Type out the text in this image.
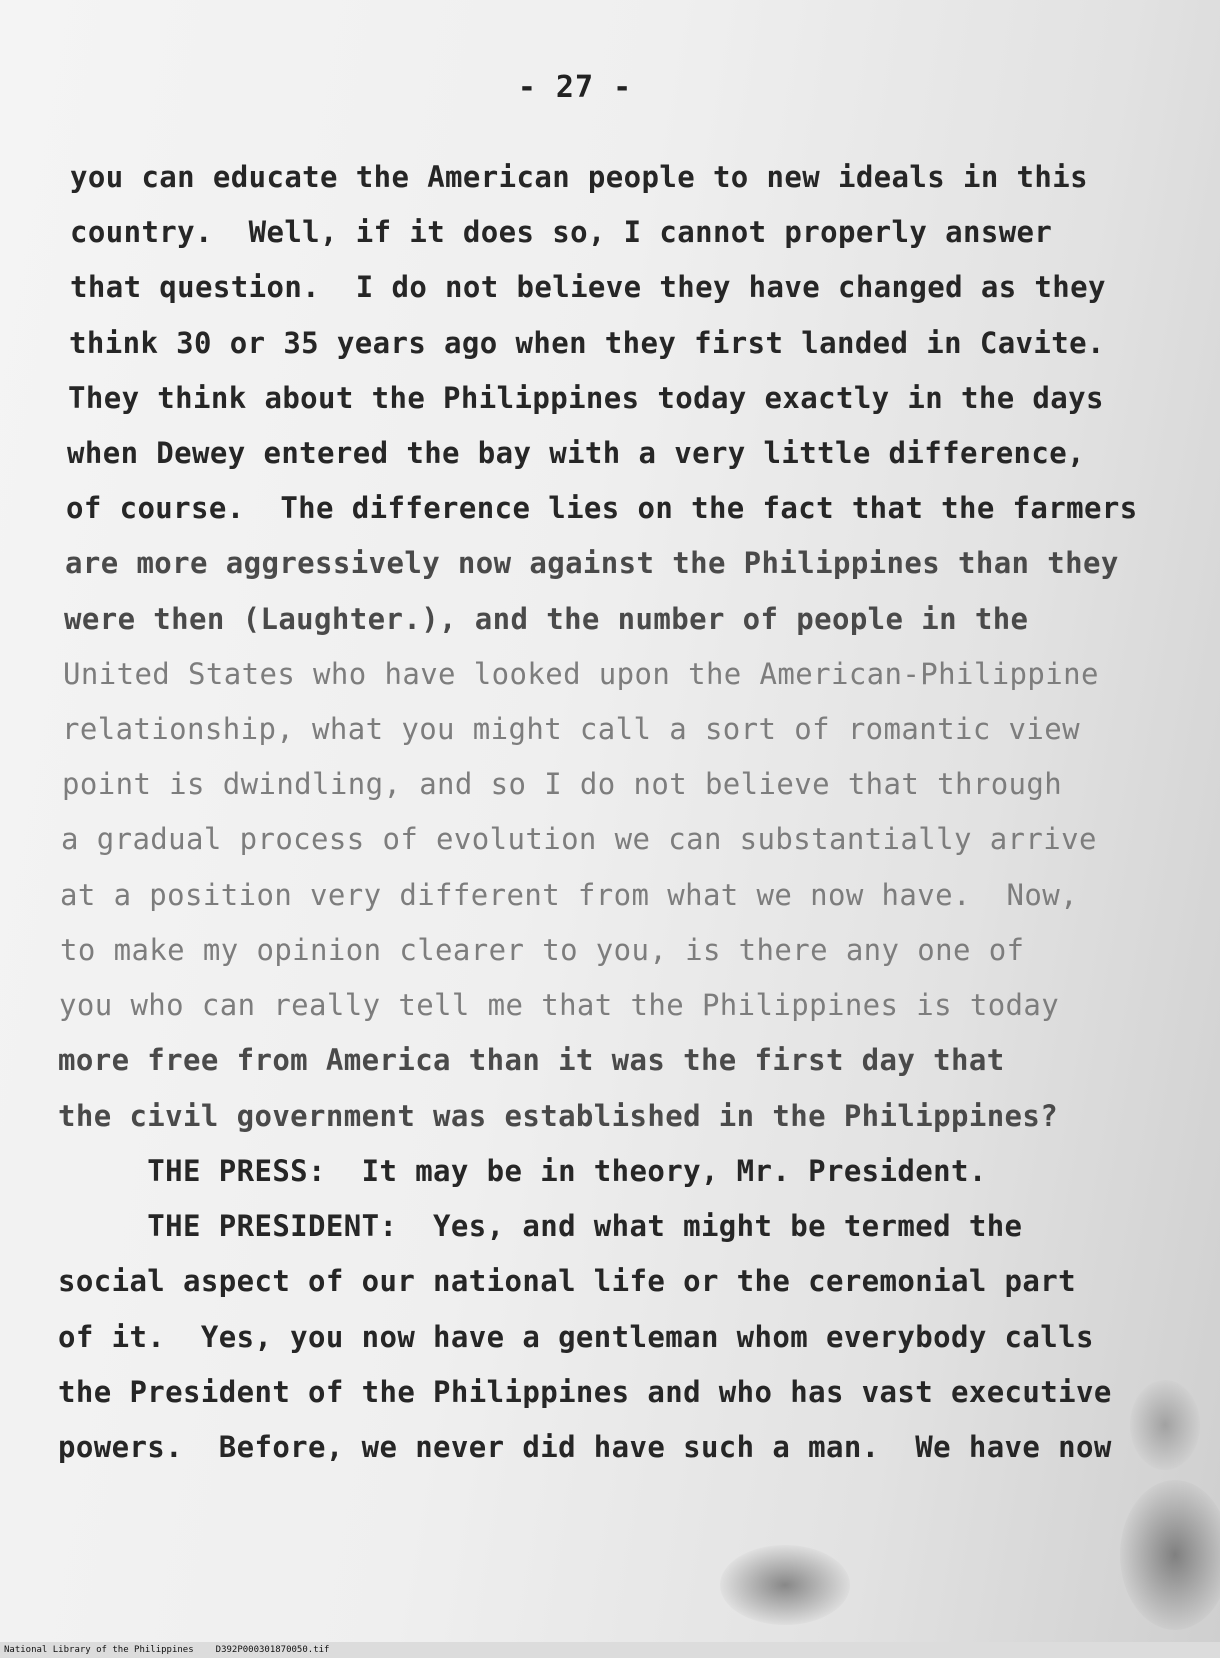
- 27 -
you can educate the American people to new ideals in this
country.  Well, if it does so, I cannot properly answer
that question.  I do not believe they have changed as they
think 30 or 35 years ago when they first landed in Cavite.
They think about the Philippines today exactly in the days
when Dewey entered the bay with a very little difference,
of course.  The difference lies on the fact that the farmers
are more aggressively now against the Philippines than they
were then (Laughter.), and the number of people in the
United States who have looked upon the American-Philippine
relationship, what you might call a sort of romantic view
point is dwindling, and so I do not believe that through
a gradual process of evolution we can substantially arrive
at a position very different from what we now have.  Now,
to make my opinion clearer to you, is there any one of
you who can really tell me that the Philippines is today
more free from America than it was the first day that
the civil government was established in the Philippines?
THE PRESS:  It may be in theory, Mr. President.
THE PRESIDENT:  Yes, and what might be termed the
social aspect of our national life or the ceremonial part
of it.  Yes, you now have a gentleman whom everybody calls
the President of the Philippines and who has vast executive
powers.  Before, we never did have such a man.  We have now
National Library of the Philippines D392P000301870050.tif
